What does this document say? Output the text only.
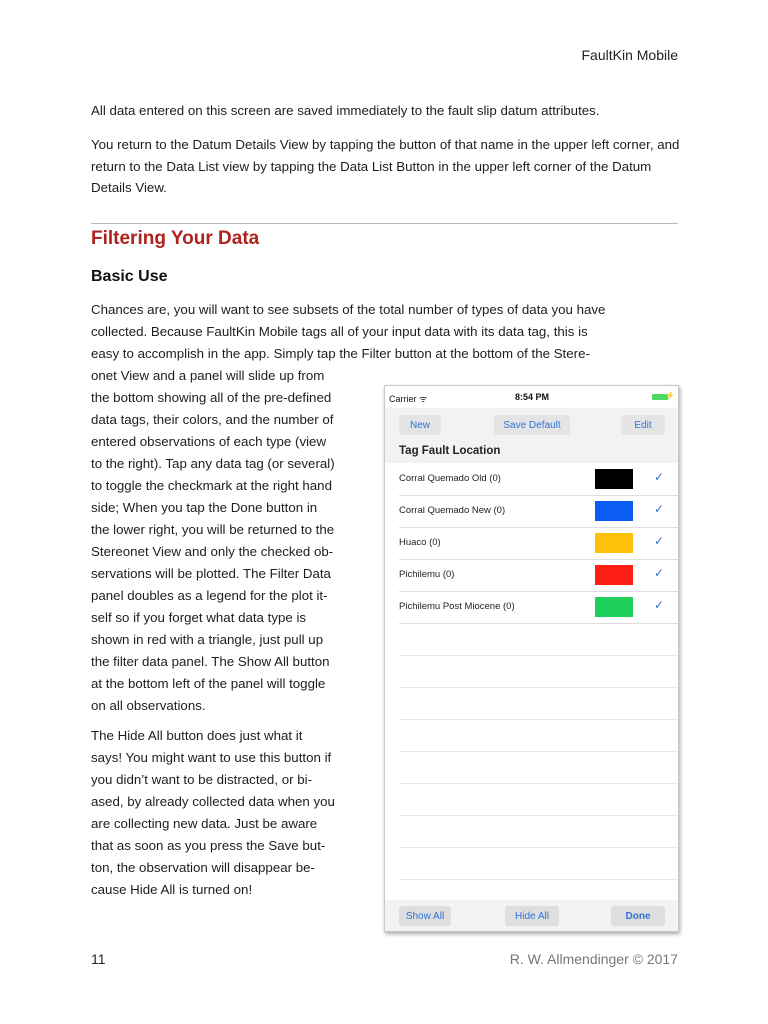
FaultKin Mobile

All data entered on this screen are saved immediately to the fault slip datum attributes.

You return to the Datum Details View by tapping the button of that name in the upper left corner, and return to the Data List view by tapping the Data List Button in the upper left corner of the Datum Details View.

Filtering Your Data
Basic Use
Chances are, you will want to see subsets of the total number of types of data you have
collected. Because FaultKin Mobile tags all of your input data with its data tag, this is
easy to accomplish in the app. Simply tap the Filter button at the bottom of the Stere-
onet View and a panel will slide up from
the bottom showing all of the pre-defined
data tags, their colors, and the number of
entered observations of each type (view
to the right). Tap any data tag (or several)
to toggle the checkmark at the right hand
side; When you tap the Done button in
the lower right, you will be returned to the
Stereonet View and only the checked ob-
servations will be plotted. The Filter Data
panel doubles as a legend for the plot it-
self so if you forget what data type is
shown in red with a triangle, just pull up
the filter data panel. The Show All button
at the bottom left of the panel will toggle
on all observations.
The Hide All button does just what it
says! You might want to use this button if
you didn’t want to be distracted, or bi-
ased, by already collected data when you
are collecting new data. Just be aware
that as soon as you press the Save but-
ton, the observation will disappear be-
cause Hide All is turned on!
Carrier ᯤ	8:54 PM	⚡
New	Save Default	Edit
Tag Fault Location
Corral Quemado Old (0)	✓
Corral Quemado New (0)	✓
Huaco (0)	✓
Pichilemu (0)	✓
Pichilemu Post Miocene (0)	✓
Show All	Hide All	Done
11	R. W. Allmendinger © 2017
